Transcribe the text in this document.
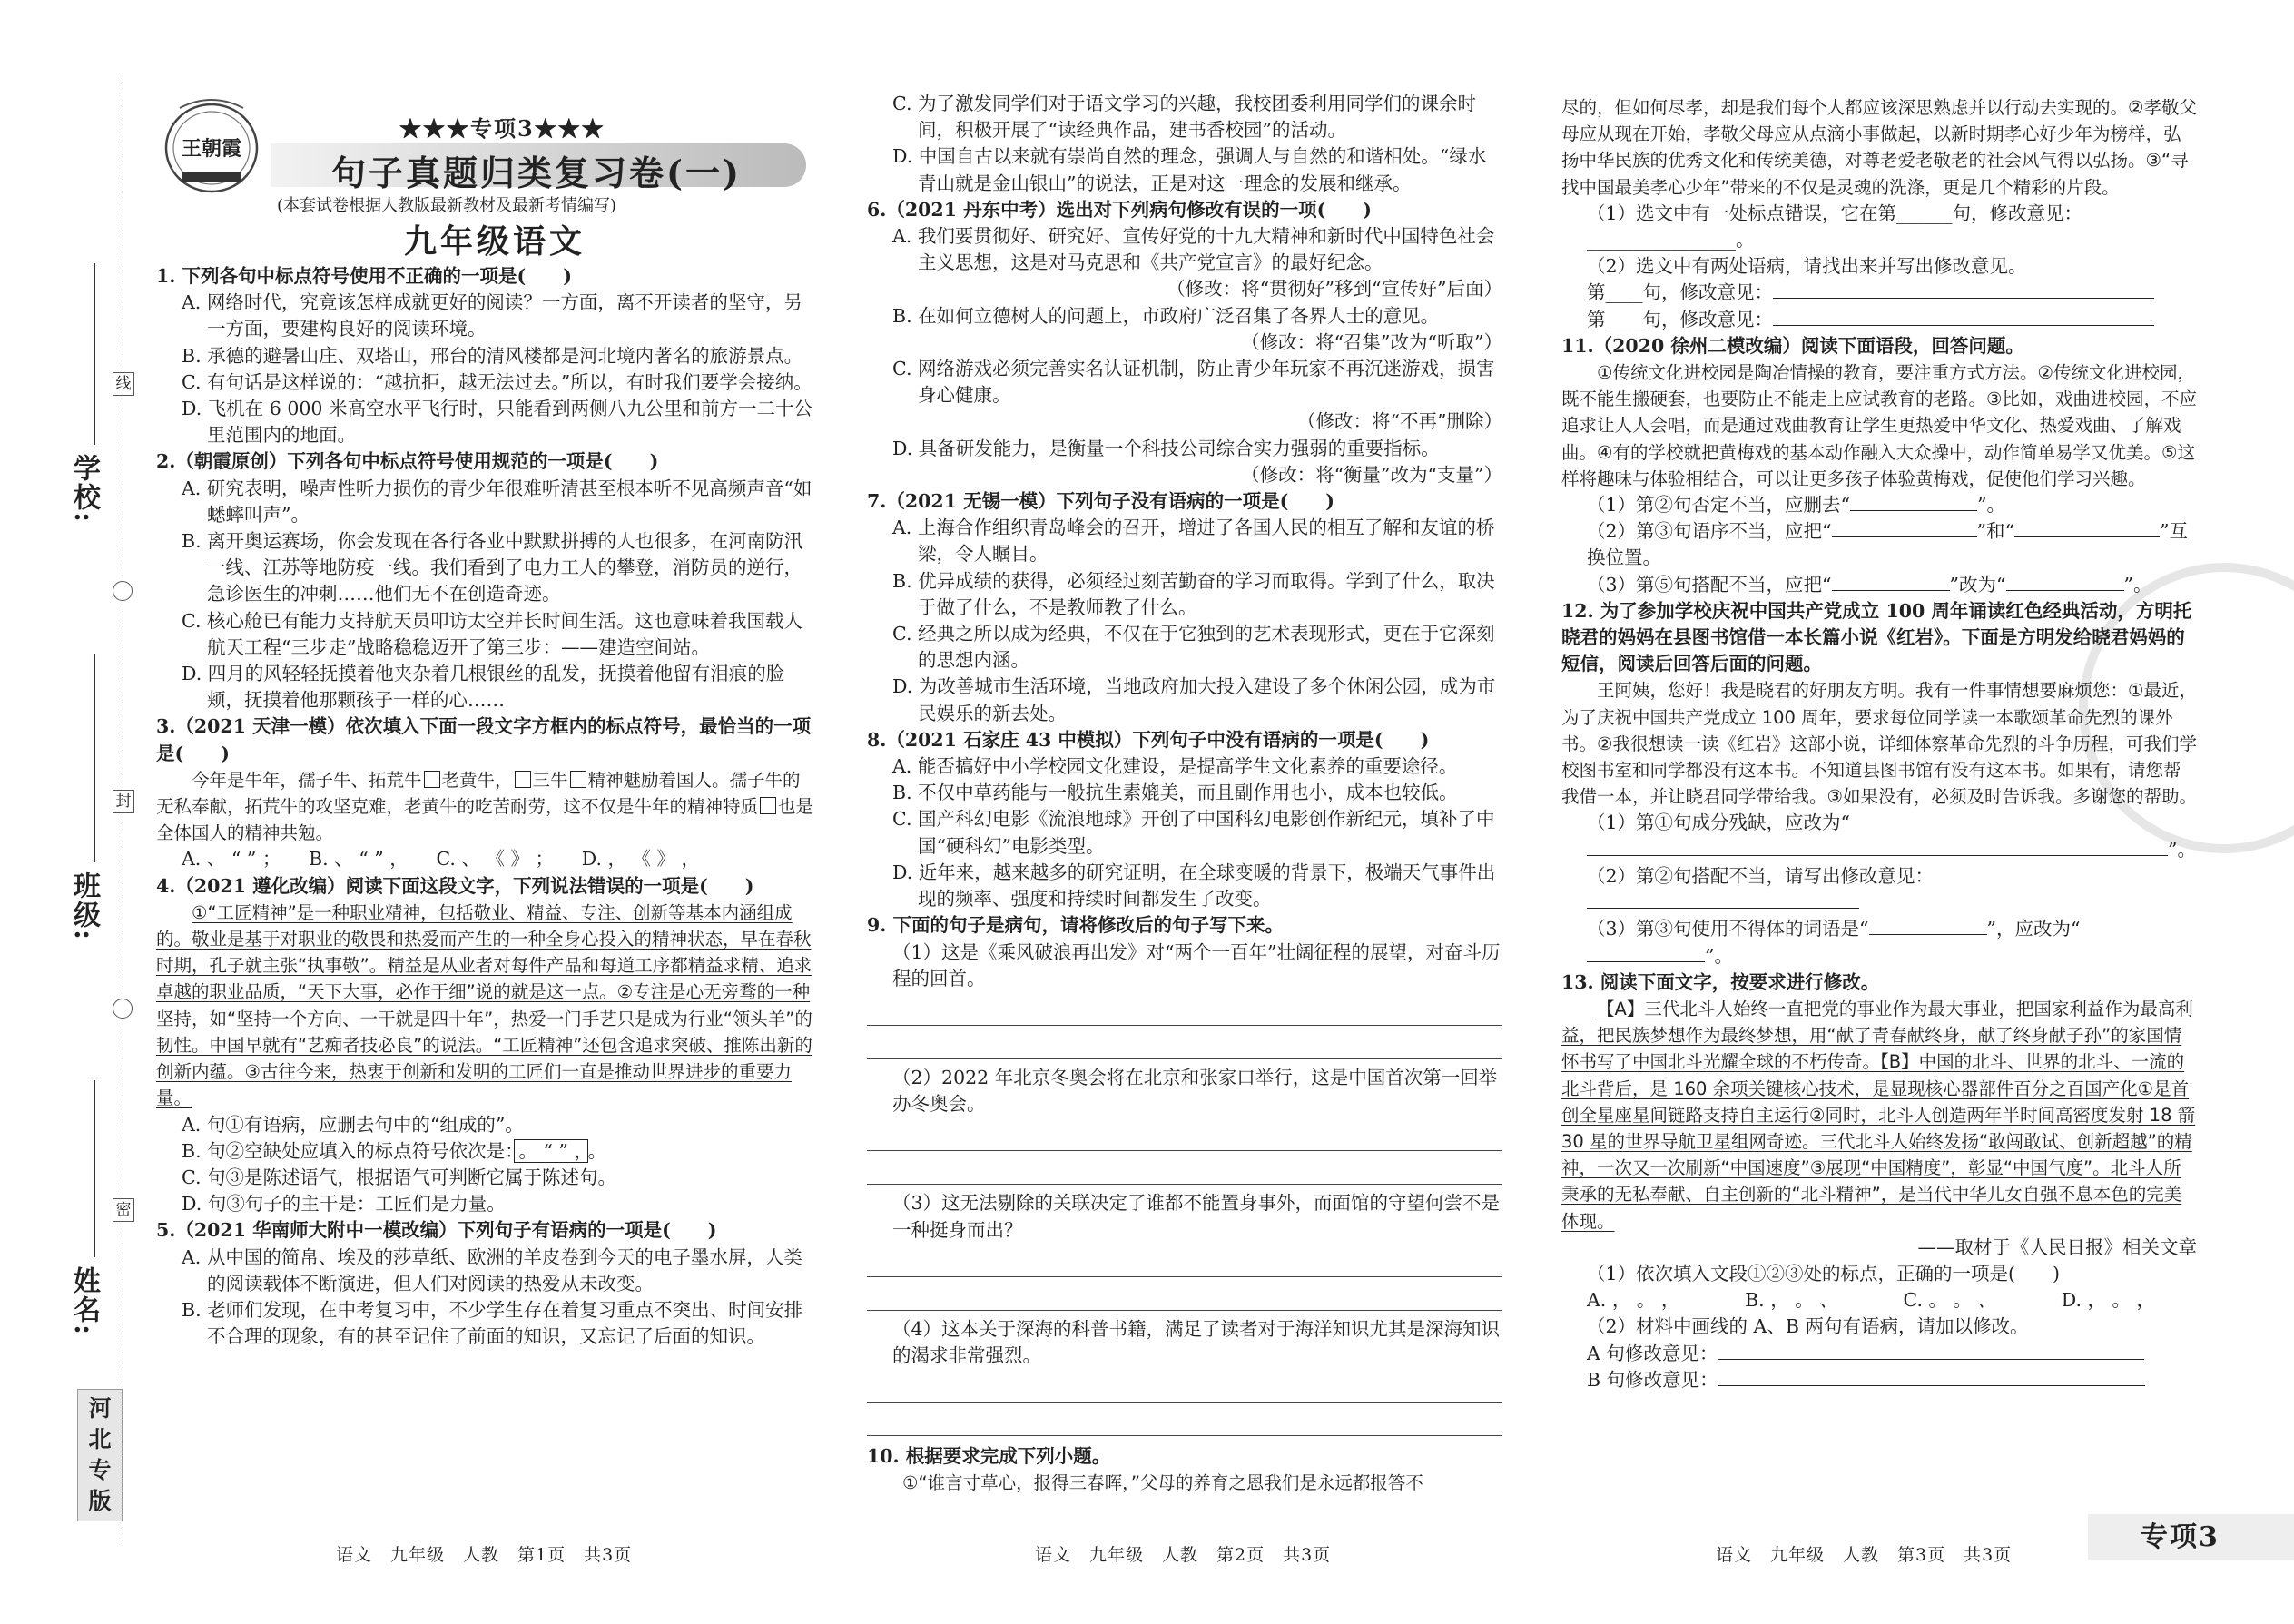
王朝霞
★★★专项3★★★
句子真题归类复习卷(一)
(本套试卷根据人教版最新教材及最新考情编写)
九年级语文
学校:
班级:
姓名:
线
封
密
河北专版
1. 下列各句中标点符号使用不正确的一项是(　　)
A. 网络时代，究竟该怎样成就更好的阅读？一方面，离不开读者的坚守，另一方面，要建构良好的阅读环境。
B. 承德的避暑山庄、双塔山，邢台的清风楼都是河北境内著名的旅游景点。
C. 有句话是这样说的：“越抗拒，越无法过去。”所以，有时我们要学会接纳。
D. 飞机在 6 000 米高空水平飞行时，只能看到两侧八九公里和前方一二十公里范围内的地面。
2.（朝霞原创）下列各句中标点符号使用规范的一项是(　　)
A. 研究表明，噪声性听力损伤的青少年很难听清甚至根本听不见高频声音“如蟋蟀叫声”。
B. 离开奥运赛场，你会发现在各行各业中默默拼搏的人也很多，在河南防汛一线、江苏等地防疫一线。我们看到了电力工人的攀登，消防员的逆行，急诊医生的冲刺……他们无不在创造奇迹。
C. 核心舱已有能力支持航天员叩访太空并长时间生活。这也意味着我国载人航天工程“三步走”战略稳稳迈开了第三步：——建造空间站。
D. 四月的风轻轻抚摸着他夹杂着几根银丝的乱发，抚摸着他留有泪痕的脸颊，抚摸着他那颗孩子一样的心……
3.（2021 天津一模）依次填入下面一段文字方框内的标点符号，最恰当的一项是(　　)
今年是牛年，孺子牛、拓荒牛 老黄牛， 三牛 精神魅励着国人。孺子牛的无私奉献，拓荒牛的攻坚克难，老黄牛的吃苦耐劳，这不仅是牛年的精神特质 也是全体国人的精神共勉。
A. 、 “ ” ；　　B. 、 “ ” ，　　C. 、 《 》 ；　　D. ， 《 》 ，
4.（2021 遵化改编）阅读下面这段文字，下列说法错误的一项是(　　)
①“工匠精神”是一种职业精神，包括敬业、精益、专注、创新等基本内涵组成的。敬业是基于对职业的敬畏和热爱而产生的一种全身心投入的精神状态，早在春秋时期，孔子就主张“执事敬”。精益是从业者对每件产品和每道工序都精益求精、追求卓越的职业品质，“天下大事，必作于细”说的就是这一点。②专注是心无旁骛的一种坚持，如“坚持一个方向、一干就是四十年”，热爱一门手艺只是成为行业“领头羊”的韧性。中国早就有“艺痴者技必良”的说法。“工匠精神”还包含追求突破、推陈出新的创新内蕴。③古往今来，热衷于创新和发明的工匠们一直是推动世界进步的重要力量。
A. 句①有语病，应删去句中的“组成的”。
B. 句②空缺处应填入的标点符号依次是： 。 “ ” ， 。
C. 句③是陈述语气，根据语气可判断它属于陈述句。
D. 句③句子的主干是：工匠们是力量。
5.（2021 华南师大附中一模改编）下列句子有语病的一项是(　　)
A. 从中国的简帛、埃及的莎草纸、欧洲的羊皮卷到今天的电子墨水屏，人类的阅读载体不断演进，但人们对阅读的热爱从未改变。
B. 老师们发现，在中考复习中，不少学生存在着复习重点不突出、时间安排不合理的现象，有的甚至记住了前面的知识，又忘记了后面的知识。
语文　九年级　人教　第1页　共3页
C. 为了激发同学们对于语文学习的兴趣，我校团委利用同学们的课余时间，积极开展了“读经典作品，建书香校园”的活动。
D. 中国自古以来就有崇尚自然的理念，强调人与自然的和谐相处。“绿水青山就是金山银山”的说法，正是对这一理念的发展和继承。
6.（2021 丹东中考）选出对下列病句修改有误的一项(　　)
A. 我们要贯彻好、研究好、宣传好党的十九大精神和新时代中国特色社会主义思想，这是对马克思和《共产党宣言》的最好纪念。
（修改：将“贯彻好”移到“宣传好”后面）
B. 在如何立德树人的问题上，市政府广泛召集了各界人士的意见。
（修改：将“召集”改为“听取”）
C. 网络游戏必须完善实名认证机制，防止青少年玩家不再沉迷游戏，损害身心健康。
（修改：将“不再”删除）
D. 具备研发能力，是衡量一个科技公司综合实力强弱的重要指标。
（修改：将“衡量”改为“支量”）
7.（2021 无锡一模）下列句子没有语病的一项是(　　)
A. 上海合作组织青岛峰会的召开，增进了各国人民的相互了解和友谊的桥梁，令人瞩目。
B. 优异成绩的获得，必须经过刻苦勤奋的学习而取得。学到了什么，取决于做了什么，不是教师教了什么。
C. 经典之所以成为经典，不仅在于它独到的艺术表现形式，更在于它深刻的思想内涵。
D. 为改善城市生活环境，当地政府加大投入建设了多个休闲公园，成为市民娱乐的新去处。
8.（2021 石家庄 43 中模拟）下列句子中没有语病的一项是(　　)
A. 能否搞好中小学校园文化建设，是提高学生文化素养的重要途径。
B. 不仅中草药能与一般抗生素媲美，而且副作用也小，成本也较低。
C. 国产科幻电影《流浪地球》开创了中国科幻电影创作新纪元，填补了中国“硬科幻”电影类型。
D. 近年来，越来越多的研究证明，在全球变暖的背景下，极端天气事件出现的频率、强度和持续时间都发生了改变。
9. 下面的句子是病句，请将修改后的句子写下来。
（1）这是《乘风破浪再出发》对“两个一百年”壮阔征程的展望，对奋斗历程的回首。
（2）2022 年北京冬奥会将在北京和张家口举行，这是中国首次第一回举办冬奥会。
（3）这无法剔除的关联决定了谁都不能置身事外，而面馆的守望何尝不是一种挺身而出？
（4）这本关于深海的科普书籍，满足了读者对于海洋知识尤其是深海知识的渴求非常强烈。
10. 根据要求完成下列小题。
①“谁言寸草心，报得三春晖，”父母的养育之恩我们是永远都报答不
语文　九年级　人教　第2页　共3页
尽的，但如何尽孝，却是我们每个人都应该深思熟虑并以行动去实现的。②孝敬父母应从现在开始，孝敬父母应从点滴小事做起，以新时期孝心好少年为榜样，弘扬中华民族的优秀文化和传统美德，对尊老爱老敬老的社会风气得以弘扬。③“寻找中国最美孝心少年”带来的不仅是灵魂的洗涤，更是几个精彩的片段。
（1）选文中有一处标点错误，它在第______句，修改意见：________________。
（2）选文中有两处语病，请找出来并写出修改意见。
第____句，修改意见：
第____句，修改意见：
11.（2020 徐州二模改编）阅读下面语段，回答问题。
①传统文化进校园是陶冶情操的教育，要注重方式方法。②传统文化进校园，既不能生搬硬套，也要防止不能走上应试教育的老路。③比如，戏曲进校园，不应追求让人人会唱，而是通过戏曲教育让学生更热爱中华文化、热爱戏曲、了解戏曲。④有的学校就把黄梅戏的基本动作融入大众操中，动作简单易学又优美。⑤这样将趣味与体验相结合，可以让更多孩子体验黄梅戏，促使他们学习兴趣。
（1）第②句否定不当，应删去“	”。
（2）第③句语序不当，应把“	”和“	”互换位置。
（3）第⑤句搭配不当，应把“	”改为“	”。
12. 为了参加学校庆祝中国共产党成立 100 周年诵读红色经典活动，方明托晓君的妈妈在县图书馆借一本长篇小说《红岩》。下面是方明发给晓君妈妈的短信，阅读后回答后面的问题。
王阿姨，您好！我是晓君的好朋友方明。我有一件事情想要麻烦您：①最近，为了庆祝中国共产党成立 100 周年，要求每位同学读一本歌颂革命先烈的课外书。②我很想读一读《红岩》这部小说，详细体察革命先烈的斗争历程，可我们学校图书室和同学都没有这本书。不知道县图书馆有没有这本书。如果有，请您帮我借一本，并让晓君同学带给我。③如果没有，必须及时告诉我。多谢您的帮助。
（1）第①句成分残缺，应改为“
”。
（2）第②句搭配不当，请写出修改意见：
（3）第③句使用不得体的词语是“	”，应改为“”。
13. 阅读下面文字，按要求进行修改。
【A】三代北斗人始终一直把党的事业作为最大事业，把国家利益作为最高利益，把民族梦想作为最终梦想，用“献了青春献终身，献了终身献子孙”的家国情怀书写了中国北斗光耀全球的不朽传奇。【B】中国的北斗、世界的北斗、一流的北斗背后，是 160 余项关键核心技术，是显现核心器部件百分之百国产化①是首创全星座星间链路支持自主运行②同时，北斗人创造两年半时间高密度发射 18 箭 30 星的世界导航卫星组网奇迹。三代北斗人始终发扬“敢闯敢试、创新超越”的精神，一次又一次刷新“中国速度”③展现“中国精度”，彰显“中国气度”。北斗人所秉承的无私奉献、自主创新的“北斗精神”，是当代中华儿女自强不息本色的完美体现。
——取材于《人民日报》相关文章
（1）依次填入文段①②③处的标点，正确的一项是(　　)
A. ， 。 ，　　　　B. ， 。 、　　　　C. 。 。 、　　　　D. ， 。 ，
（2）材料中画线的 A、B 两句有语病，请加以修改。
A 句修改意见：
B 句修改意见：
语文　九年级　人教　第3页　共3页
专项3
